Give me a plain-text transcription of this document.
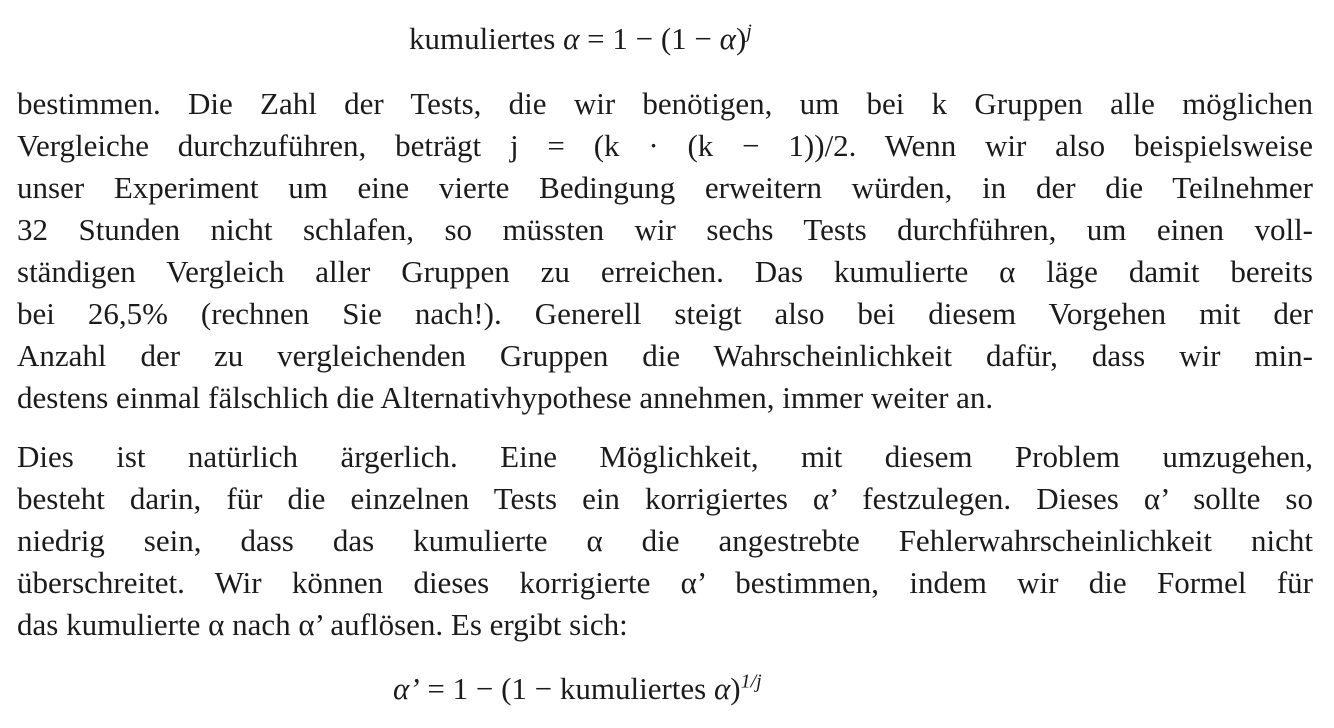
kumuliertes $\alpha = 1 - (1 - \alpha)^j$
bestimmen. Die Zahl der Tests, die wir benötigen, um bei k Gruppen alle möglichen
Vergleiche durchzuführen, beträgt j = (k · (k − 1))/2. Wenn wir also beispielsweise
unser Experiment um eine vierte Bedingung erweitern würden, in der die Teilnehmer
32 Stunden nicht schlafen, so müssten wir sechs Tests durchführen, um einen voll-
ständigen Vergleich aller Gruppen zu erreichen. Das kumulierte α läge damit bereits
bei 26,5% (rechnen Sie nach!). Generell steigt also bei diesem Vorgehen mit der
Anzahl der zu vergleichenden Gruppen die Wahrscheinlichkeit dafür, dass wir min-
destens einmal fälschlich die Alternativhypothese annehmen, immer weiter an.
Dies ist natürlich ärgerlich. Eine Möglichkeit, mit diesem Problem umzugehen,
besteht darin, für die einzelnen Tests ein korrigiertes α’ festzulegen. Dieses α’ sollte so
niedrig sein, dass das kumulierte α die angestrebte Fehlerwahrscheinlichkeit nicht
überschreitet. Wir können dieses korrigierte α’ bestimmen, indem wir die Formel für
das kumulierte α nach α’ auflösen. Es ergibt sich:
α’ = 1 − (1 − kumuliertes α)$^{1/j}$
